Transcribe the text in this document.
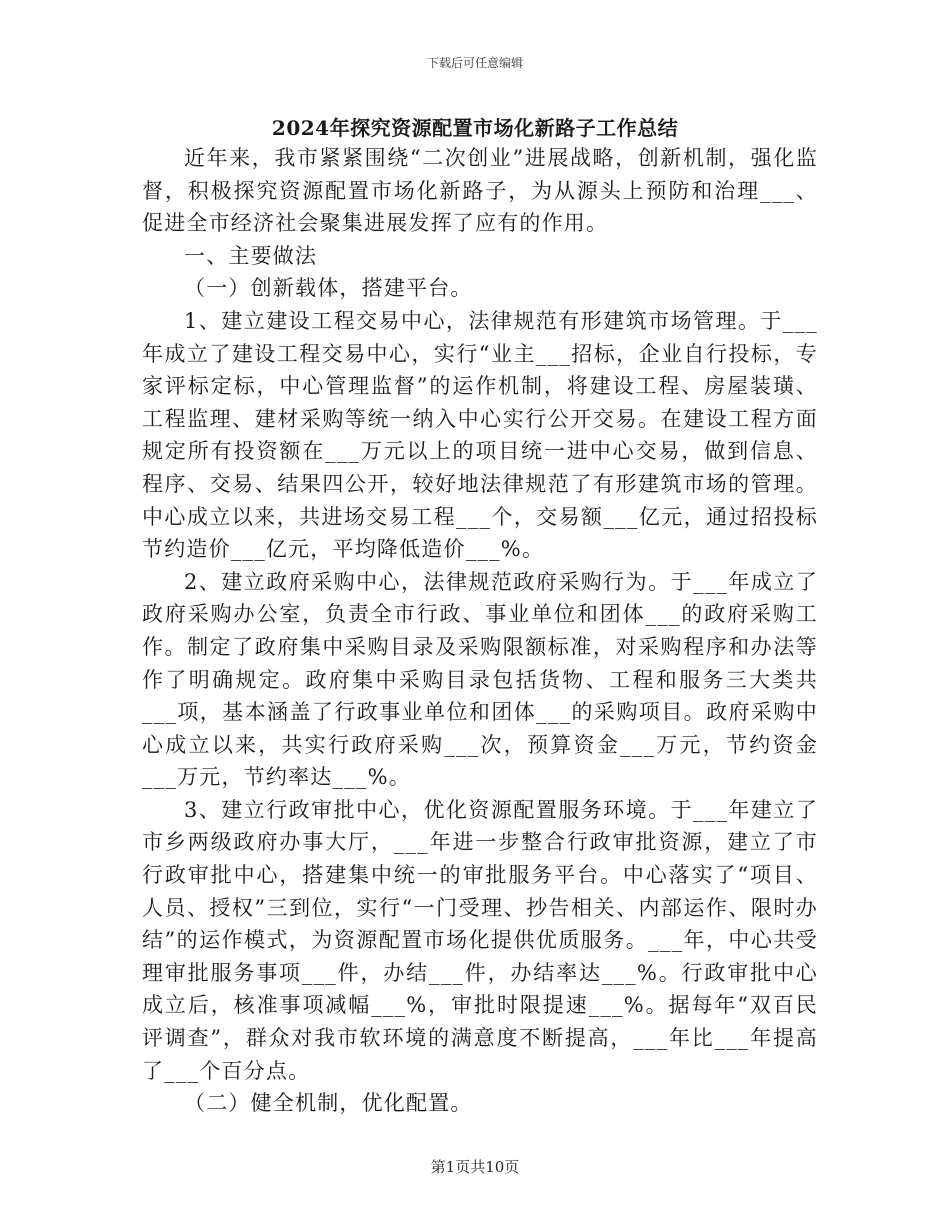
下载后可任意编辑
2024年探究资源配置市场化新路子工作总结

近年来，我市紧紧围绕“二次创业”进展战略，创新机制，强化监督，积极探究资源配置市场化新路子，为从源头上预防和治理___、促进全市经济社会聚集进展发挥了应有的作用。

一、主要做法

（一）创新载体，搭建平台。

1、建立建设工程交易中心，法律规范有形建筑市场管理。于___年成立了建设工程交易中心，实行“业主___招标，企业自行投标，专家评标定标，中心管理监督”的运作机制，将建设工程、房屋装璜、工程监理、建材采购等统一纳入中心实行公开交易。在建设工程方面规定所有投资额在___万元以上的项目统一进中心交易，做到信息、程序、交易、结果四公开，较好地法律规范了有形建筑市场的管理。中心成立以来，共进场交易工程___个，交易额___亿元，通过招投标节约造价___亿元，平均降低造价___%。

2、建立政府采购中心，法律规范政府采购行为。于___年成立了政府采购办公室，负责全市行政、事业单位和团体___的政府采购工作。制定了政府集中采购目录及采购限额标准，对采购程序和办法等作了明确规定。政府集中采购目录包括货物、工程和服务三大类共___项，基本涵盖了行政事业单位和团体___的采购项目。政府采购中心成立以来，共实行政府采购___次，预算资金___万元，节约资金___万元，节约率达___%。

3、建立行政审批中心，优化资源配置服务环境。于___年建立了市乡两级政府办事大厅，___年进一步整合行政审批资源，建立了市行政审批中心，搭建集中统一的审批服务平台。中心落实了“项目、人员、授权”三到位，实行“一门受理、抄告相关、内部运作、限时办结”的运作模式，为资源配置市场化提供优质服务。___年，中心共受理审批服务事项___件，办结___件，办结率达___%。行政审批中心成立后，核准事项减幅___%，审批时限提速___%。据每年“双百民评调查”，群众对我市软环境的满意度不断提高，___年比___年提高了___个百分点。

（二）健全机制，优化配置。

第1页共10页
